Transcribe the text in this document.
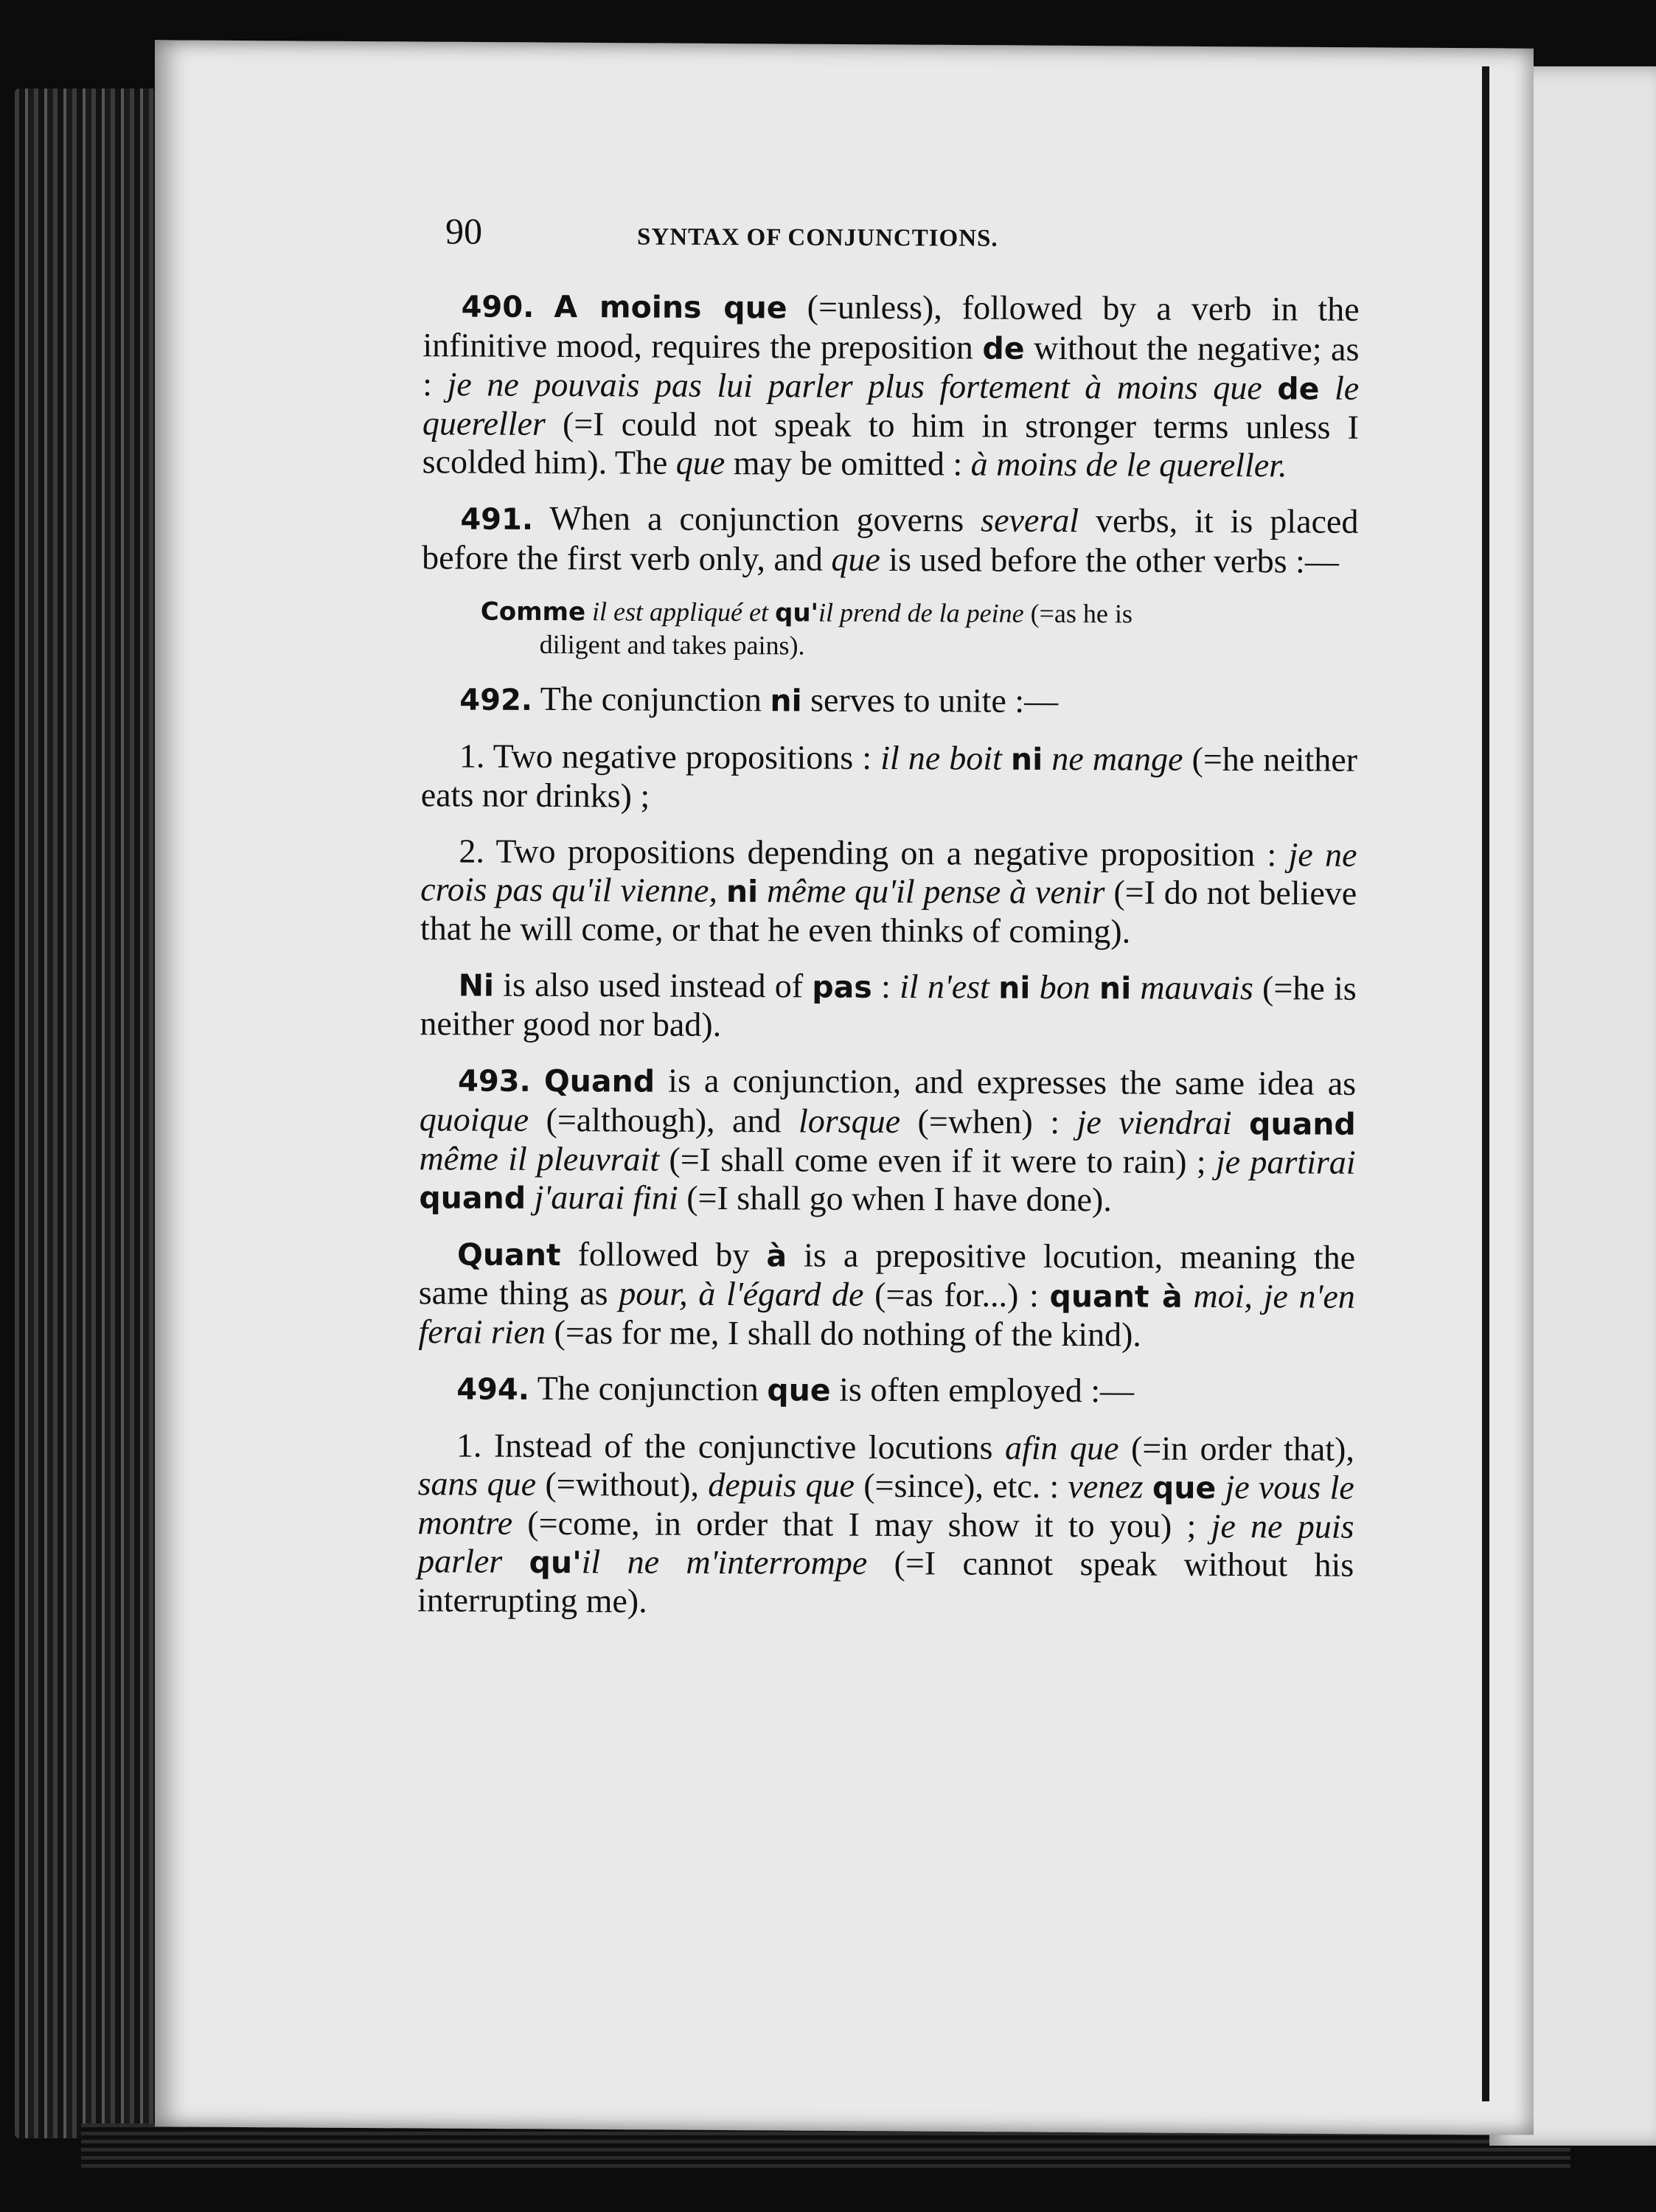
90	SYNTAX OF CONJUNCTIONS.

490. A moins que (=unless), followed by a verb in the infinitive mood, requires the preposition de without the negative; as : je ne pouvais pas lui parler plus fortement à moins que de le quereller (=I could not speak to him in stronger terms unless I scolded him). The que may be omitted : à moins de le quereller.

491. When a conjunction governs several verbs, it is placed before the first verb only, and que is used before the other verbs :—

Comme il est appliqué et qu'il prend de la peine (=as he is
diligent and takes pains).

492. The conjunction ni serves to unite :—

1. Two negative propositions : il ne boit ni ne mange (=he neither eats nor drinks) ;

2. Two propositions depending on a negative proposition : je ne crois pas qu'il vienne, ni même qu'il pense à venir (=I do not believe that he will come, or that he even thinks of coming).

Ni is also used instead of pas : il n'est ni bon ni mauvais (=he is neither good nor bad).

493. Quand is a conjunction, and expresses the same idea as quoique (=although), and lorsque (=when) : je viendrai quand même il pleuvrait (=I shall come even if it were to rain) ; je partirai quand j'aurai fini (=I shall go when I have done).

Quant followed by à is a prepositive locution, meaning the same thing as pour, à l'égard de (=as for...) : quant à moi, je n'en ferai rien (=as for me, I shall do nothing of the kind).

494. The conjunction que is often employed :—

1. Instead of the conjunctive locutions afin que (=in order that), sans que (=without), depuis que (=since), etc. : venez que je vous le montre (=come, in order that I may show it to you) ; je ne puis parler qu'il ne m'interrompe (=I cannot speak without his interrupting me).
